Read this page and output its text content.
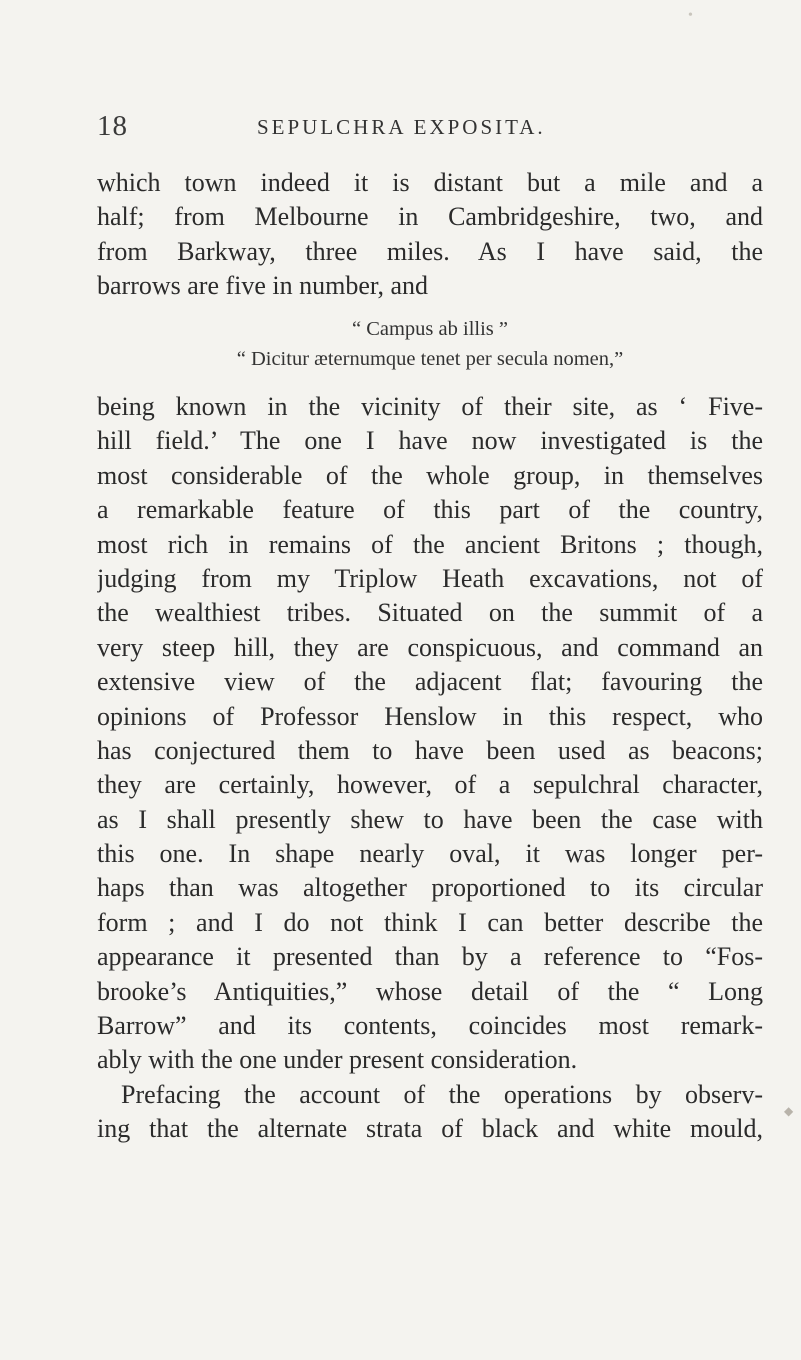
•
◆
18	SEPULCHRA EXPOSITA.
which town indeed it is distant but a mile and a
half; from Melbourne in Cambridgeshire, two, and
from Barkway, three miles. As I have said, the
barrows are five in number, and
“ Campus ab illis ”
“ Dicitur æternumque tenet per secula nomen,”
being known in the vicinity of their site, as ‘ Five-
hill field.’ The one I have now investigated is the
most considerable of the whole group, in themselves
a remarkable feature of this part of the country,
most rich in remains of the ancient Britons ; though,
judging from my Triplow Heath excavations, not of
the wealthiest tribes. Situated on the summit of a
very steep hill, they are conspicuous, and command an
extensive view of the adjacent flat; favouring the
opinions of Professor Henslow in this respect, who
has conjectured them to have been used as beacons;
they are certainly, however, of a sepulchral character,
as I shall presently shew to have been the case with
this one. In shape nearly oval, it was longer per-
haps than was altogether proportioned to its circular
form ; and I do not think I can better describe the
appearance it presented than by a reference to “Fos-
brooke’s Antiquities,” whose detail of the “ Long
Barrow” and its contents, coincides most remark-
ably with the one under present consideration.
Prefacing the account of the operations by observ-
ing that the alternate strata of black and white mould,
